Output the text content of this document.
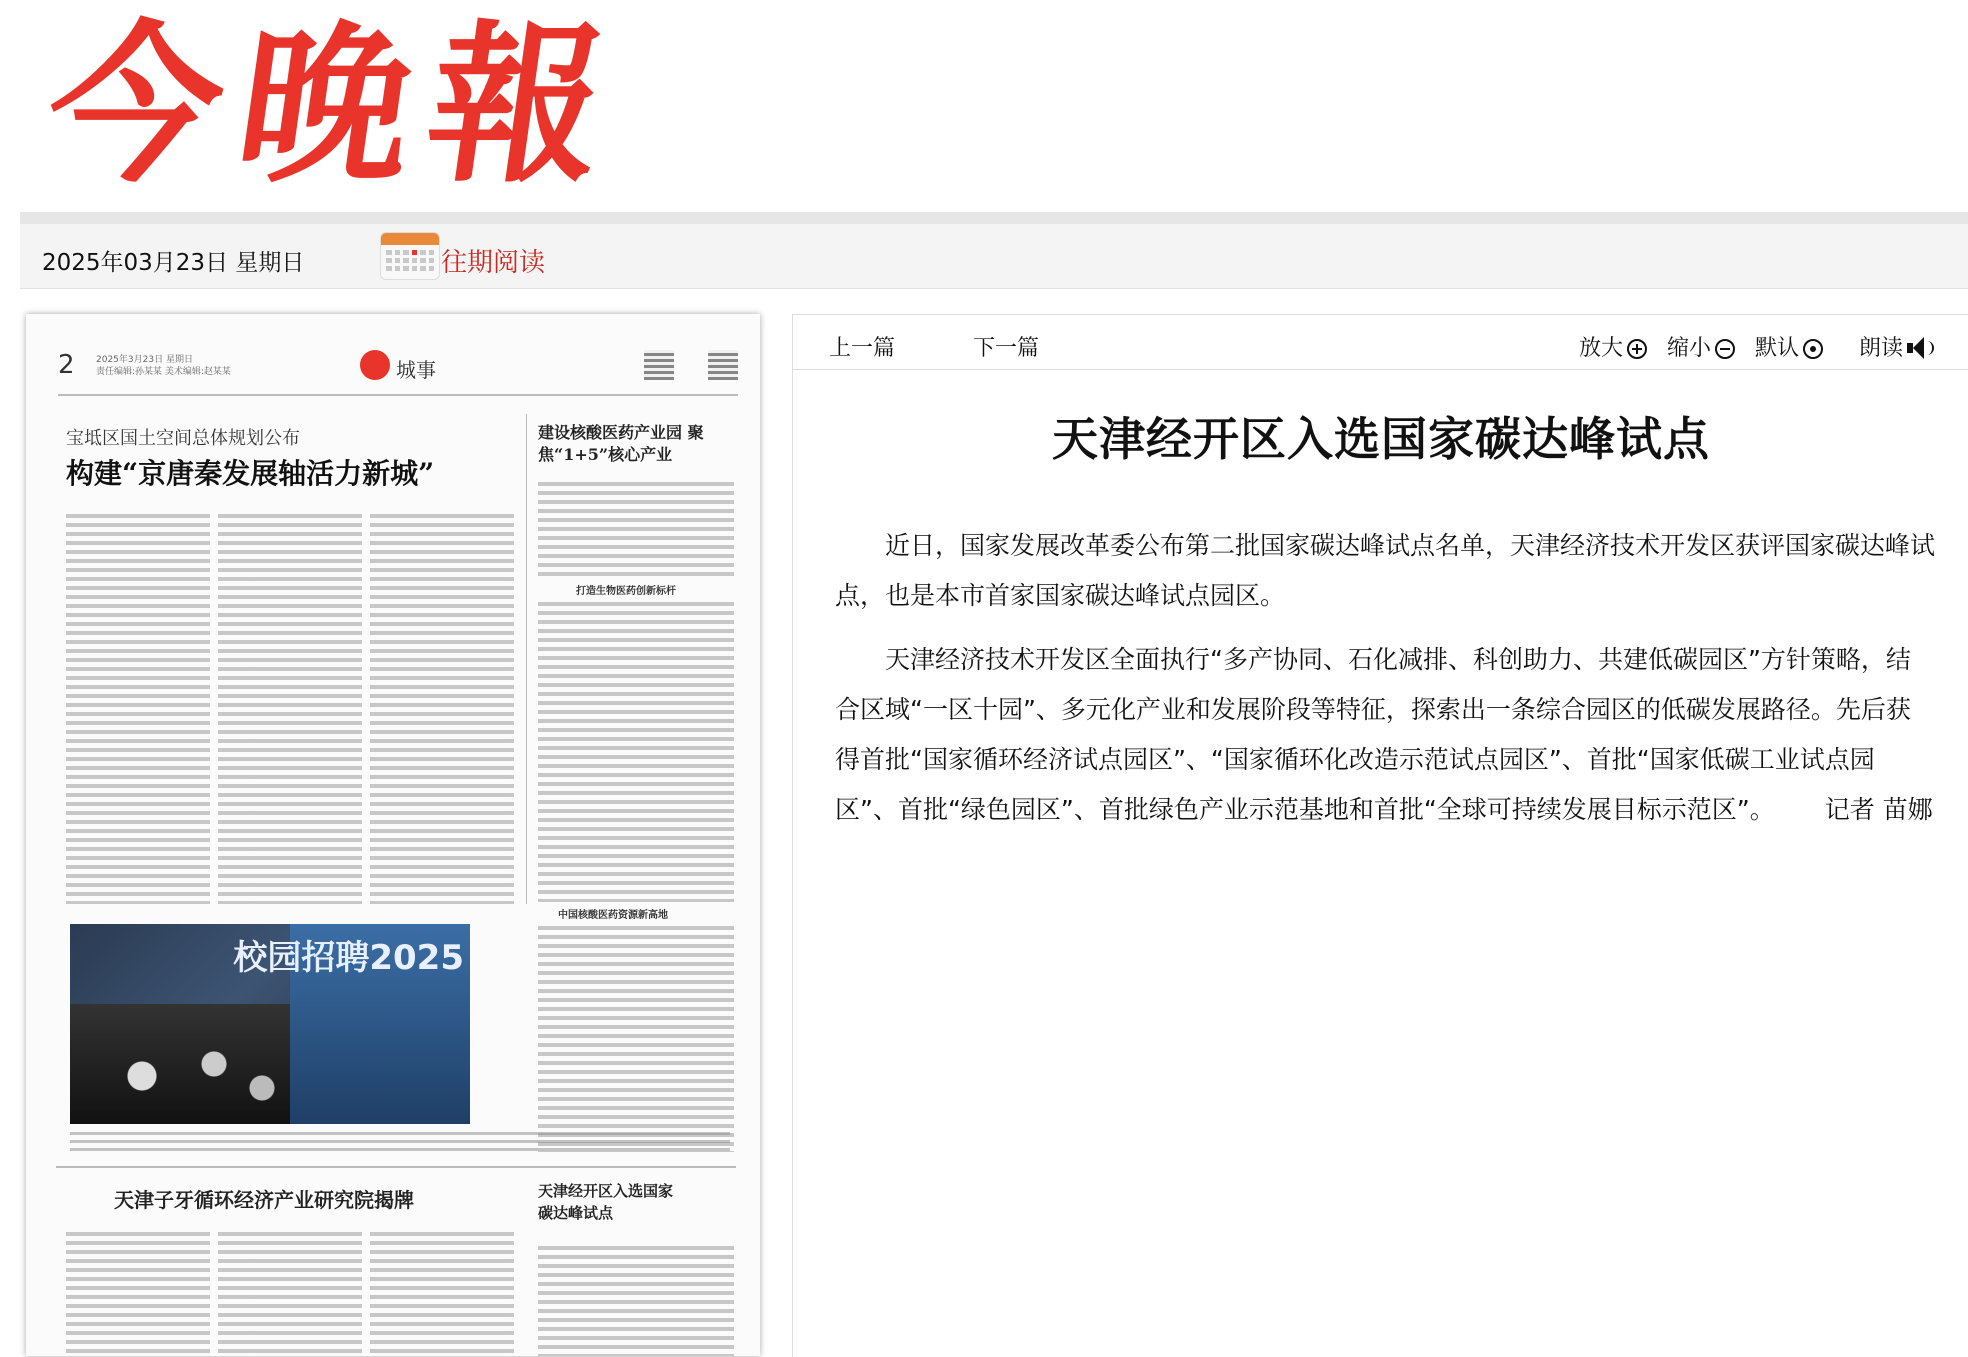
今晚報
2025年03月23日 星期日	往期阅读
2 2025年3月23日 星期日
责任编辑:孙某某 美术编辑:赵某某	城事
宝坻区国土空间总体规划公布
构建“京唐秦发展轴活力新城”
建设核酸医药产业园 聚焦“1+5”核心产业
打造生物医药创新标杆
中国核酸医药资源新高地
校园招聘2025
天津子牙循环经济产业研究院揭牌	天津经开区入选国家碳达峰试点
上一篇	下一篇	放大	缩小	默认	朗读
天津经开区入选国家碳达峰试点

近日，国家发展改革委公布第二批国家碳达峰试点名单，天津经济技术开发区获评国家碳达峰试点，也是本市首家国家碳达峰试点园区。

天津经济技术开发区全面执行“多产协同、石化减排、科创助力、共建低碳园区”方针策略，结合区域“一区十园”、多元化产业和发展阶段等特征，探索出一条综合园区的低碳发展路径。先后获得首批“国家循环经济试点园区”、“国家循环化改造示范试点园区”、首批“国家低碳工业试点园区”、首批“绿色园区”、首批绿色产业示范基地和首批“全球可持续发展目标示范区”。 记者 苗娜
